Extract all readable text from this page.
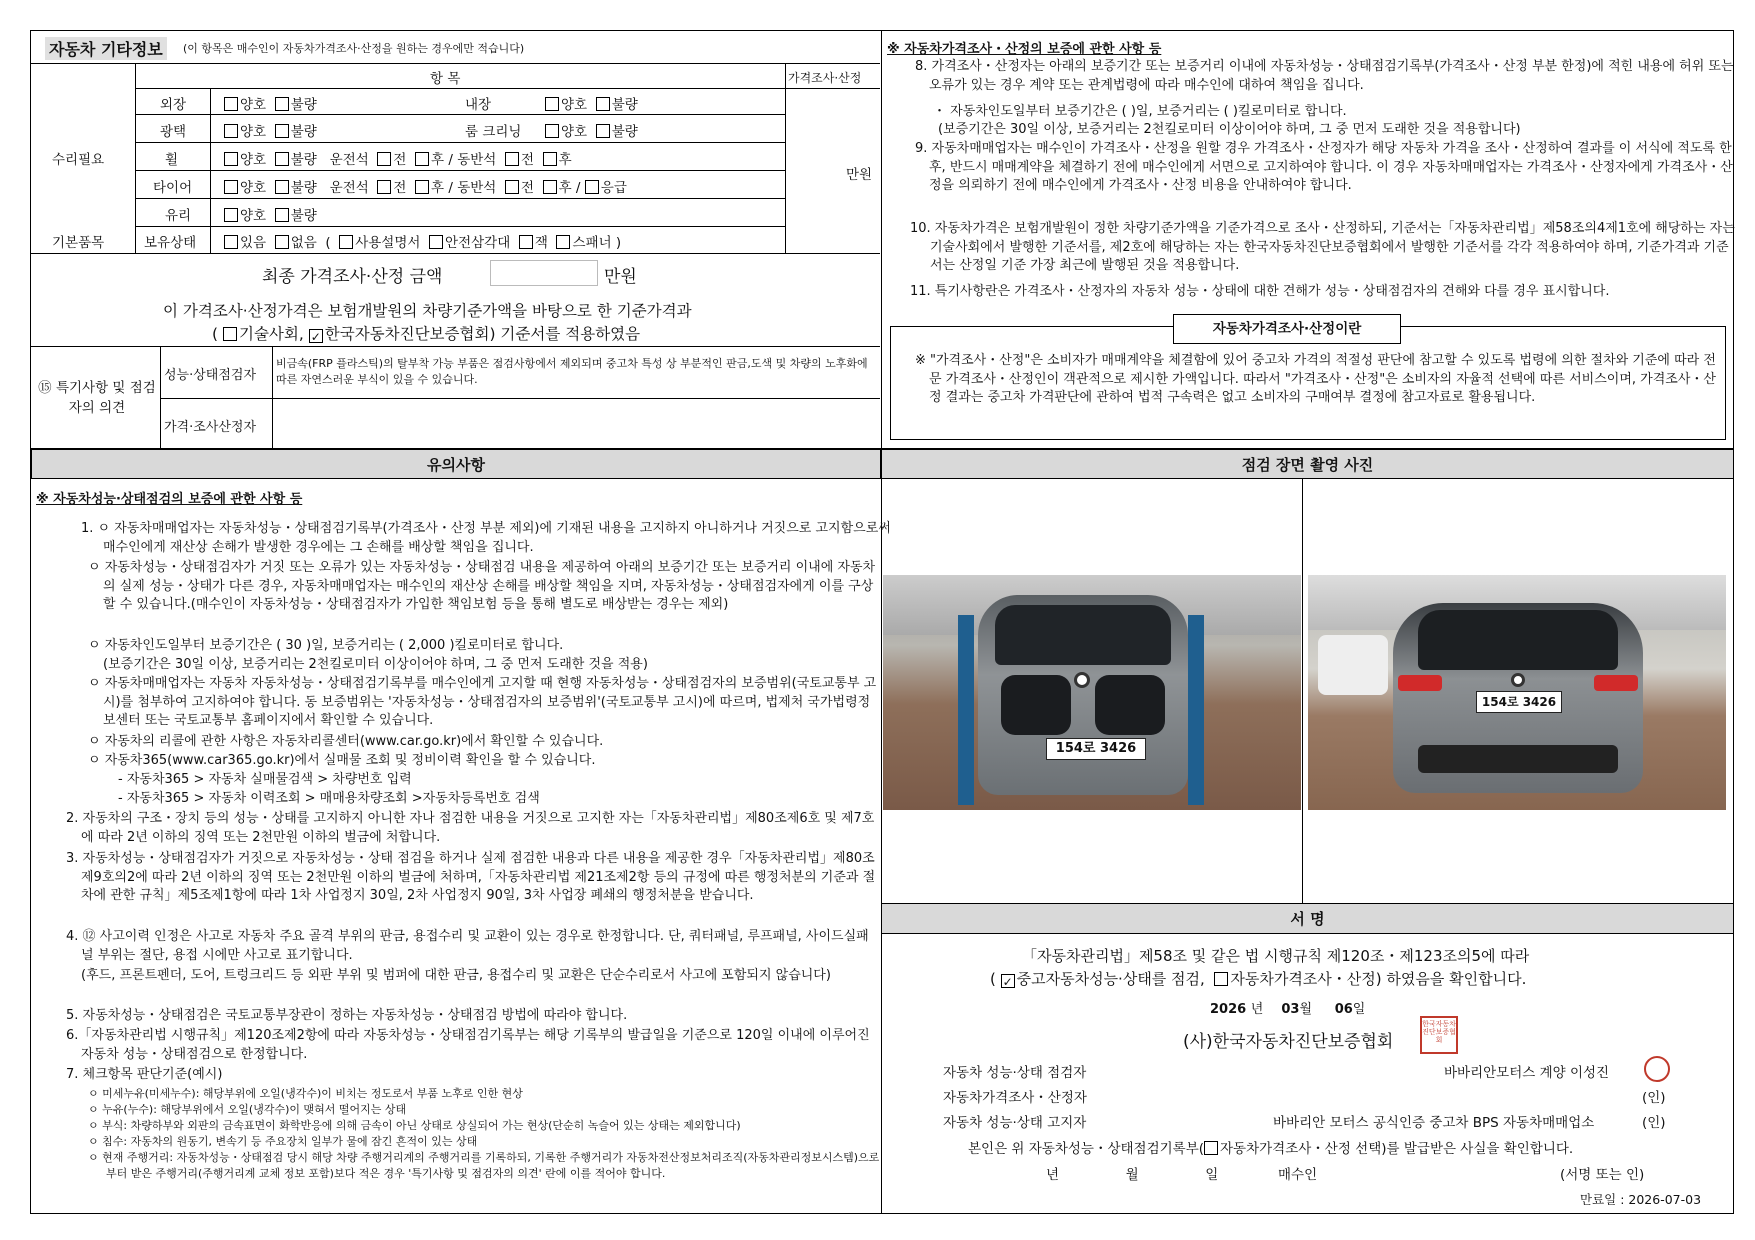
자동차 기타정보	(이 항목은 매수인이 자동차가격조사·산정을 원하는 경우에만 적습니다)
항 목	가격조사·산정
수리필요
기본품목
만원
외장	양호 불량	내장	양호 불량
광택	양호 불량	룸 크리닝	양호 불량
휠	양호 불량 운전석 전 후 / 동반석 전 후
타이어	양호 불량 운전석 전 후 / 동반석 전 후 / 응급
유리	양호 불량
보유상태	있음 없음  (  사용설명서 안전삼각대 잭 스패너 )
최종 가격조사·산정 금액	만원
이 가격조사·산정가격은 보험개발원의 차량기준가액을 바탕으로 한 기준가격과
( 기술사회, ✓ 한국자동차진단보증협회) 기준서를 적용하였음
⑮ 특기사항 및 점검자의 의견
성능·상태점검자
비금속(FRP 플라스틱)의 탈부착 가능 부품은 점검사항에서 제외되며 중고차 특성 상 부분적인 판금,도색 및 차량의 노후화에 따른 자연스러운 부식이 있을 수 있습니다.
가격·조사산정자
※ 자동차가격조사・산정의 보증에 관한 사항 등
8. 가격조사・산정자는 아래의 보증기간 또는 보증거리 이내에 자동차성능・상태점검기록부(가격조사・산정 부분 한정)에 적힌 내용에 허위 또는 오류가 있는 경우 계약 또는 관계법령에 따라 매수인에 대하여 책임을 집니다.
・ 자동차인도일부터 보증기간은 ( )일, 보증거리는 ( )킬로미터로 합니다.
(보증기간은 30일 이상, 보증거리는 2천킬로미터 이상이어야 하며, 그 중 먼저 도래한 것을 적용합니다)
9. 자동차매매업자는 매수인이 가격조사・산정을 원할 경우 가격조사・산정자가 해당 자동차 가격을 조사・산정하여 결과를 이 서식에 적도록 한 후, 반드시 매매계약을 체결하기 전에 매수인에게 서면으로 고지하여야 합니다. 이 경우 자동차매매업자는 가격조사・산정자에게 가격조사・산정을 의뢰하기 전에 매수인에게 가격조사・산정 비용을 안내하여야 합니다.
10. 자동차가격은 보험개발원이 정한 차량기준가액을 기준가격으로 조사・산정하되, 기준서는「자동차관리법」제58조의4제1호에 해당하는 자는 기술사회에서 발행한 기준서를, 제2호에 해당하는 자는 한국자동차진단보증협회에서 발행한 기준서를 각각 적용하여야 하며, 기준가격과 기준서는 산정일 기준 가장 최근에 발행된 것을 적용합니다.
11. 특기사항란은 가격조사・산정자의 자동차 성능・상태에 대한 견해가 성능・상태점검자의 견해와 다를 경우 표시합니다.
자동차가격조사·산정이란
※ "가격조사・산정"은 소비자가 매매계약을 체결함에 있어 중고차 가격의 적절성 판단에 참고할 수 있도록 법령에 의한 절차와 기준에 따라 전문 가격조사・산정인이 객관적으로 제시한 가액입니다. 따라서 "가격조사・산정"은 소비자의 자율적 선택에 따른 서비스이며, 가격조사・산정 결과는 중고차 가격판단에 관하여 법적 구속력은 없고 소비자의 구매여부 결정에 참고자료로 활용됩니다.
유의사항	점검 장면 촬영 사진
※ 자동차성능·상태점검의 보증에 관한 사항 등
1. ㅇ 자동차매매업자는 자동차성능・상태점검기록부(가격조사・산정 부분 제외)에 기재된 내용을 고지하지 아니하거나 거짓으로 고지함으로써 매수인에게 재산상 손해가 발생한 경우에는 그 손해를 배상할 책임을 집니다.
ㅇ 자동차성능・상태점검자가 거짓 또는 오류가 있는 자동차성능・상태점검 내용을 제공하여 아래의 보증기간 또는 보증거리 이내에 자동차의 실제 성능・상태가 다른 경우, 자동차매매업자는 매수인의 재산상 손해를 배상할 책임을 지며, 자동차성능・상태점검자에게 이를 구상할 수 있습니다.(매수인이 자동차성능・상태점검자가 가입한 책임보험 등을 통해 별도로 배상받는 경우는 제외)
ㅇ 자동차인도일부터 보증기간은 ( 30 )일, 보증거리는 ( 2,000 )킬로미터로 합니다.
(보증기간은 30일 이상, 보증거리는 2천킬로미터 이상이어야 하며, 그 중 먼저 도래한 것을 적용)
ㅇ 자동차매매업자는 자동차 자동차성능・상태점검기록부를 매수인에게 고지할 때 현행 자동차성능・상태점검자의 보증범위(국토교통부 고시)를 첨부하여 고지하여야 합니다. 동 보증범위는 '자동차성능・상태점검자의 보증범위'(국토교통부 고시)에 따르며, 법제처 국가법령정보센터 또는 국토교통부 홈페이지에서 확인할 수 있습니다.
ㅇ 자동차의 리콜에 관한 사항은 자동차리콜센터(www.car.go.kr)에서 확인할 수 있습니다.
ㅇ 자동차365(www.car365.go.kr)에서 실매물 조회 및 정비이력 확인을 할 수 있습니다.
- 자동차365 > 자동차 실매물검색 > 차량번호 입력
- 자동차365 > 자동차 이력조회 > 매매용차량조회 >자동차등록번호 검색
2. 자동차의 구조・장치 등의 성능・상태를 고지하지 아니한 자나 점검한 내용을 거짓으로 고지한 자는「자동차관리법」제80조제6호 및 제7호에 따라 2년 이하의 징역 또는 2천만원 이하의 벌금에 처합니다.
3. 자동차성능・상태점검자가 거짓으로 자동차성능・상태 점검을 하거나 실제 점검한 내용과 다른 내용을 제공한 경우「자동차관리법」제80조제9호의2에 따라 2년 이하의 징역 또는 2천만원 이하의 벌금에 처하며,「자동차관리법 제21조제2항 등의 규정에 따른 행정처분의 기준과 절차에 관한 규칙」제5조제1항에 따라 1차 사업정지 30일, 2차 사업정지 90일, 3차 사업장 폐쇄의 행정처분을 받습니다.
4. ⑫ 사고이력 인정은 사고로 자동차 주요 골격 부위의 판금, 용접수리 및 교환이 있는 경우로 한정합니다. 단, 쿼터패널, 루프패널, 사이드실패널 부위는 절단, 용접 시에만 사고로 표기합니다.
(후드, 프론트펜더, 도어, 트렁크리드 등 외판 부위 및 범퍼에 대한 판금, 용접수리 및 교환은 단순수리로서 사고에 포함되지 않습니다)
5. 자동차성능・상태점검은 국토교통부장관이 정하는 자동차성능・상태점검 방법에 따라야 합니다.
6.「자동차관리법 시행규칙」제120조제2항에 따라 자동차성능・상태점검기록부는 해당 기록부의 발급일을 기준으로 120일 이내에 이루어진 자동차 성능・상태점검으로 한정합니다.
7. 체크항목 판단기준(예시)
ㅇ 미세누유(미세누수): 해당부위에 오일(냉각수)이 비치는 정도로서 부품 노후로 인한 현상
ㅇ 누유(누수): 해당부위에서 오일(냉각수)이 맺혀서 떨어지는 상태
ㅇ 부식: 차량하부와 외판의 금속표면이 화학반응에 의해 금속이 아닌 상태로 상실되어 가는 현상(단순히 녹슬어 있는 상태는 제외합니다)
ㅇ 침수: 자동차의 원동기, 변속기 등 주요장치 일부가 물에 잠긴 흔적이 있는 상태
ㅇ 현재 주행거리: 자동차성능・상태점검 당시 해당 차량 주행거리계의 주행거리를 기록하되, 기록한 주행거리가 자동차전산정보처리조직(자동차관리정보시스템)으로부터 받은 주행거리(주행거리계 교체 정보 포함)보다 적은 경우 '특기사항 및 점검자의 의견' 란에 이를 적어야 합니다.
154로 3426
154로 3426
서 명
「자동차관리법」제58조 및 같은 법 시행규칙 제120조・제123조의5에 따라
( ✓ 중고자동차성능·상태를 점검, 자동차가격조사・산정) 하였음을 확인합니다.
2026 년 03월 06일
(사)한국자동차진단보증협회
한국자동차진단보증협회
자동차 성능·상태 점검자	바바리안모터스 계양 이성진
자동차가격조사・산정자	(인)
자동차 성능·상태 고지자	바바리안 모터스 공식인증 중고차 BPS 자동차매매업소	(인)
본인은 위 자동차성능・상태점검기록부( 자동차가격조사・산정 선택)를 발급받은 사실을 확인합니다.
년	월	일	매수인	(서명 또는 인)
만료일 : 2026-07-03
